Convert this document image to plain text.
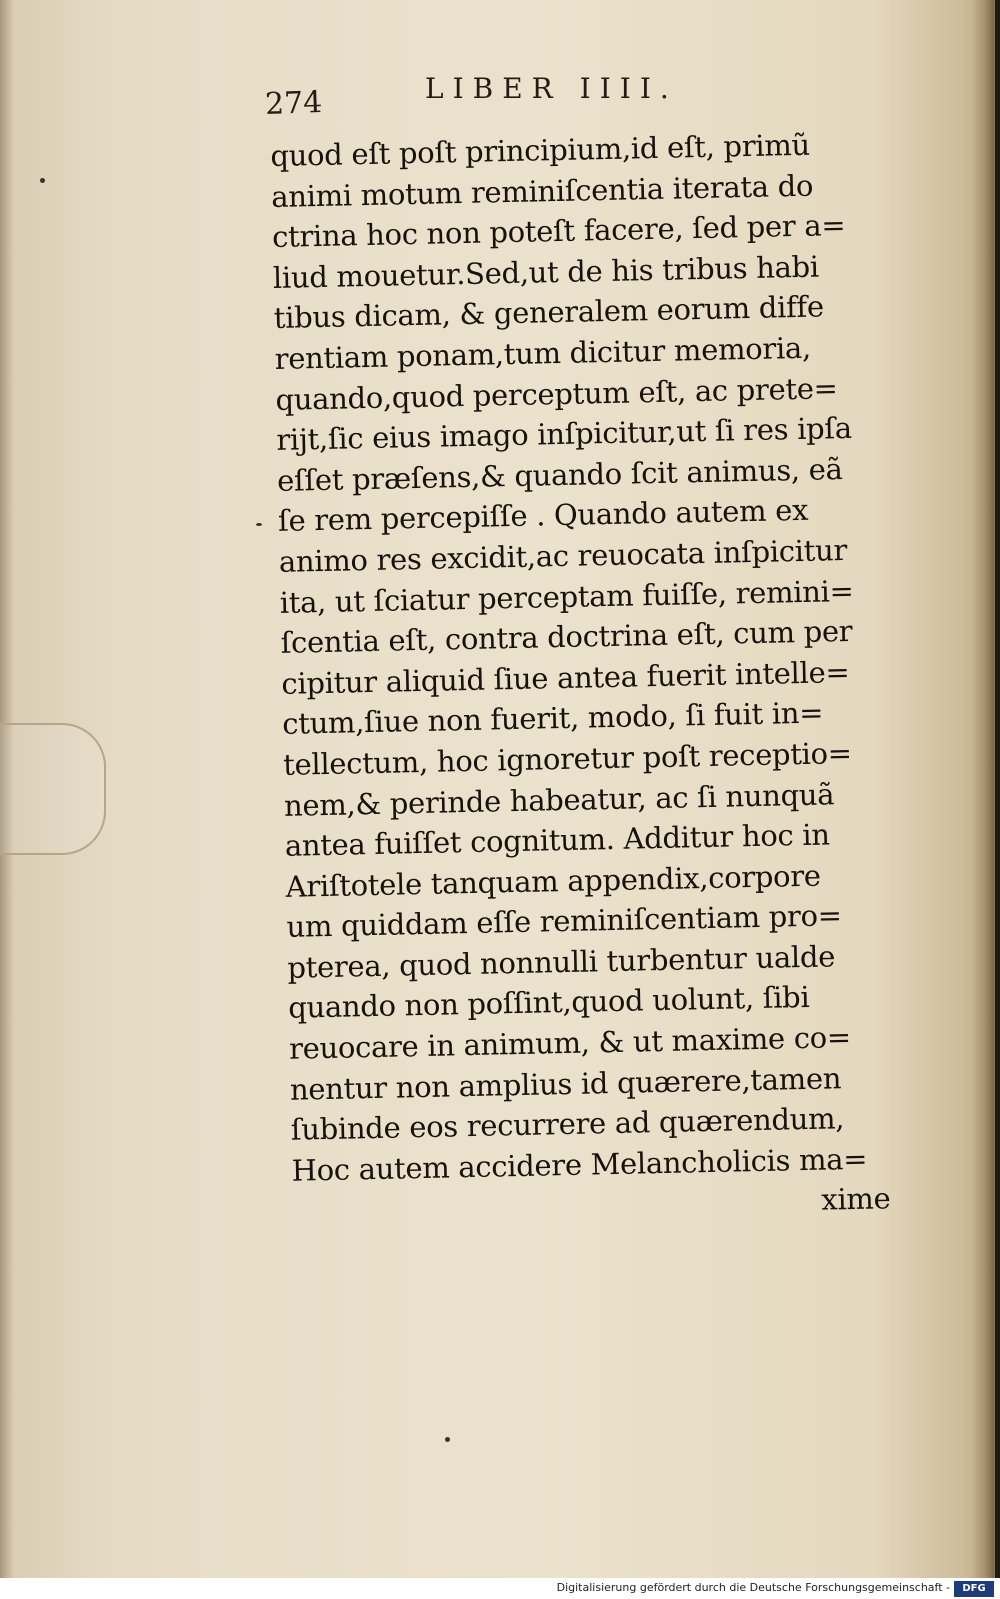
274	LIBER IIII.
quod eſt poſt principium,id eſt, primũ
animi motum reminiſcentia iterata do
ctrina hoc non poteſt facere, ſed per a=
liud mouetur.Sed,ut de his tribus habi
tibus dicam, & generalem eorum diffe
rentiam ponam,tum dicitur memoria,
quando,quod perceptum eſt, ac prete=
rijt,ſic eius imago inſpicitur,ut ſi res ipſa
eſſet præſens,& quando ſcit animus, eã
ſe rem percepiſſe . Quando autem ex
animo res excidit,ac reuocata inſpicitur
ita, ut ſciatur perceptam fuiſſe, remini=
ſcentia eſt, contra doctrina eſt, cum per
cipitur aliquid ſiue antea fuerit intelle=
ctum,ſiue non fuerit, modo, ſi fuit in=
tellectum, hoc ignoretur poſt receptio=
nem,& perinde habeatur, ac ſi nunquã
antea fuiſſet cognitum. Additur hoc in
Ariſtotele tanquam appendix,corpore
um quiddam eſſe reminiſcentiam pro=
pterea, quod nonnulli turbentur ualde
quando non poſſint,quod uolunt, ſibi
reuocare in animum, & ut maxime co=
nentur non amplius id quærere,tamen
ſubinde eos recurrere ad quærendum,
Hoc autem accidere Melancholicis ma=
xime
Digitalisierung gefördert durch die Deutsche Forschungsgemeinschaft -	DFG
